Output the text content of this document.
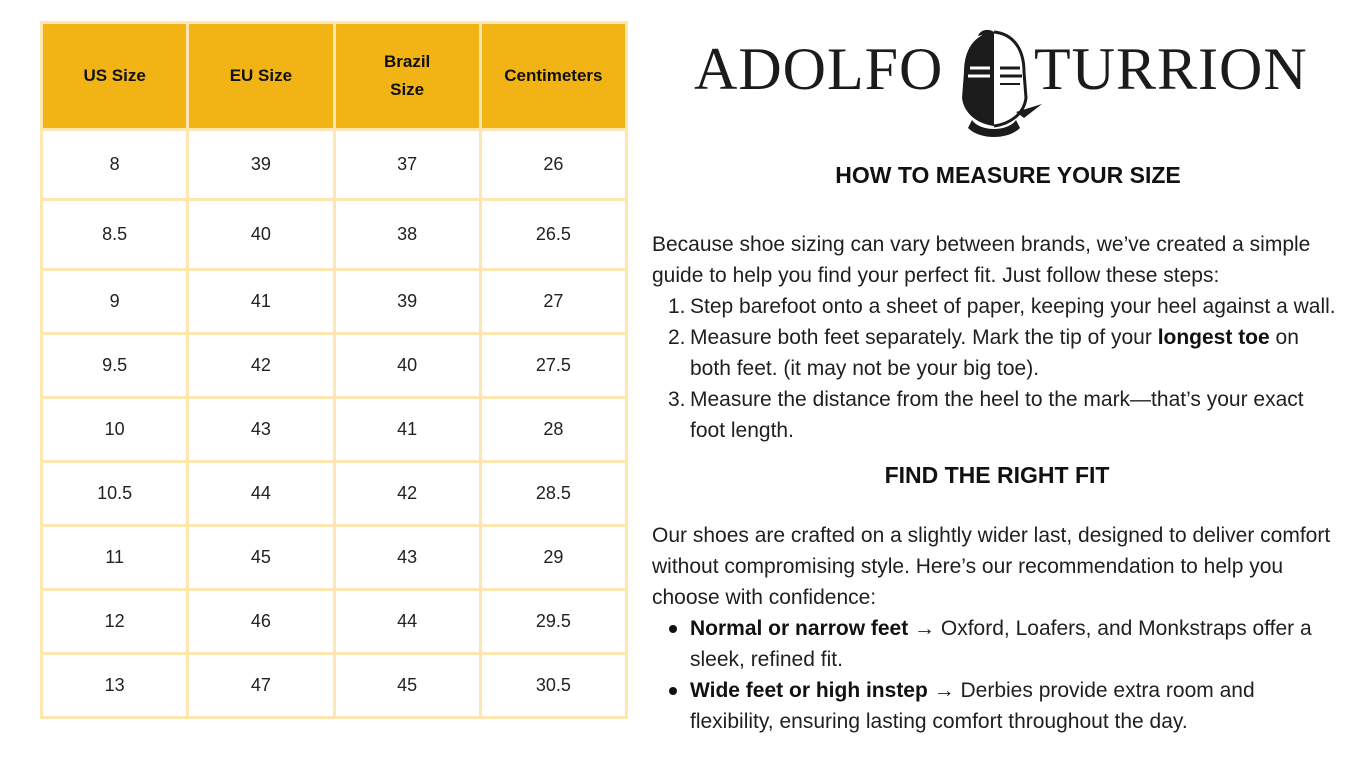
US Size	EU Size	Brazil Size	Centimeters
8	39	37	26
8.5	40	38	26.5
9	41	39	27
9.5	42	40	27.5
10	43	41	28
10.5	44	42	28.5
11	45	43	29
12	46	44	29.5
13	47	45	30.5
ADOLFO TURRION
HOW TO MEASURE YOUR SIZE

Because shoe sizing can vary between brands, we’ve created a simple guide to help you find your perfect fit. Just follow these steps:

1. Step barefoot onto a sheet of paper, keeping your heel against a wall.
2. Measure both feet separately. Mark the tip of your longest toe on both feet. (it may not be your big toe).
3. Measure the distance from the heel to the mark—that’s your exact foot length.
FIND THE RIGHT FIT

Our shoes are crafted on a slightly wider last, designed to deliver comfort without compromising style. Here’s our recommendation to help you choose with confidence:

Normal or narrow feet → Oxford, Loafers, and Monkstraps offer a sleek, refined fit.
Wide feet or high instep → Derbies provide extra room and flexibility, ensuring lasting comfort throughout the day.
